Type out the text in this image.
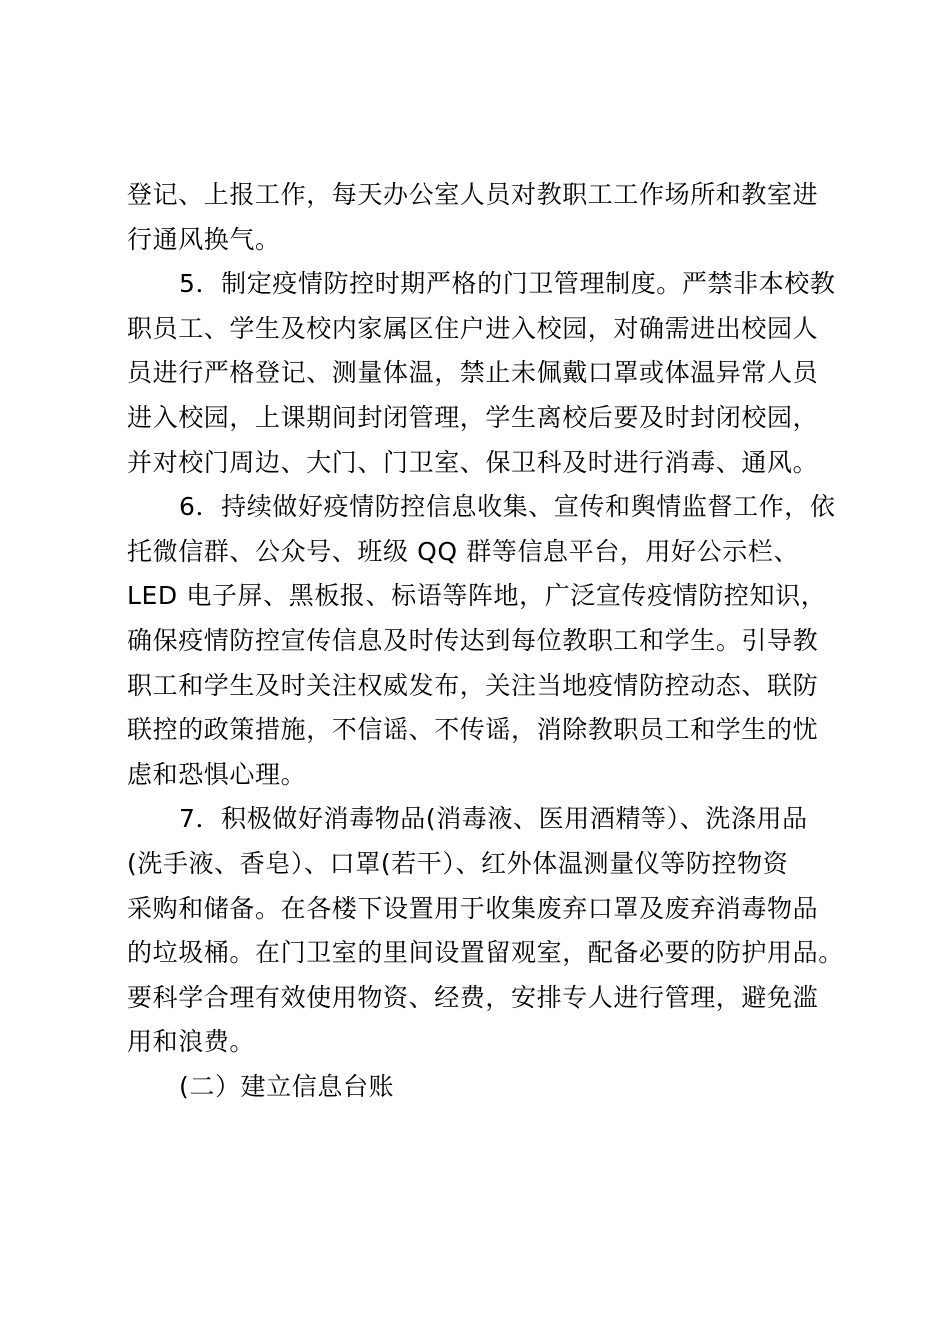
登记、上报工作，每天办公室人员对教职工工作场所和教室进
行通风换气。

5．制定疫情防控时期严格的门卫管理制度。严禁非本校教
职员工、学生及校内家属区住户进入校园，对确需进出校园人
员进行严格登记、测量体温，禁止未佩戴口罩或体温异常人员
进入校园，上课期间封闭管理，学生离校后要及时封闭校园，
并对校门周边、大门、门卫室、保卫科及时进行消毒、通风。

6．持续做好疫情防控信息收集、宣传和舆情监督工作，依
托微信群、公众号、班级 QQ 群等信息平台，用好公示栏、
LED 电子屏、黑板报、标语等阵地，广泛宣传疫情防控知识，
确保疫情防控宣传信息及时传达到每位教职工和学生。引导教
职工和学生及时关注权威发布，关注当地疫情防控动态、联防
联控的政策措施，不信谣、不传谣，消除教职员工和学生的忧
虑和恐惧心理。

7．积极做好消毒物品(消毒液、医用酒精等）、洗涤用品
(洗手液、香皂）、口罩(若干）、红外体温测量仪等防控物资
采购和储备。在各楼下设置用于收集废弃口罩及废弃消毒物品
的垃圾桶。在门卫室的里间设置留观室，配备必要的防护用品。
要科学合理有效使用物资、经费，安排专人进行管理，避免滥
用和浪费。

(二）建立信息台账
